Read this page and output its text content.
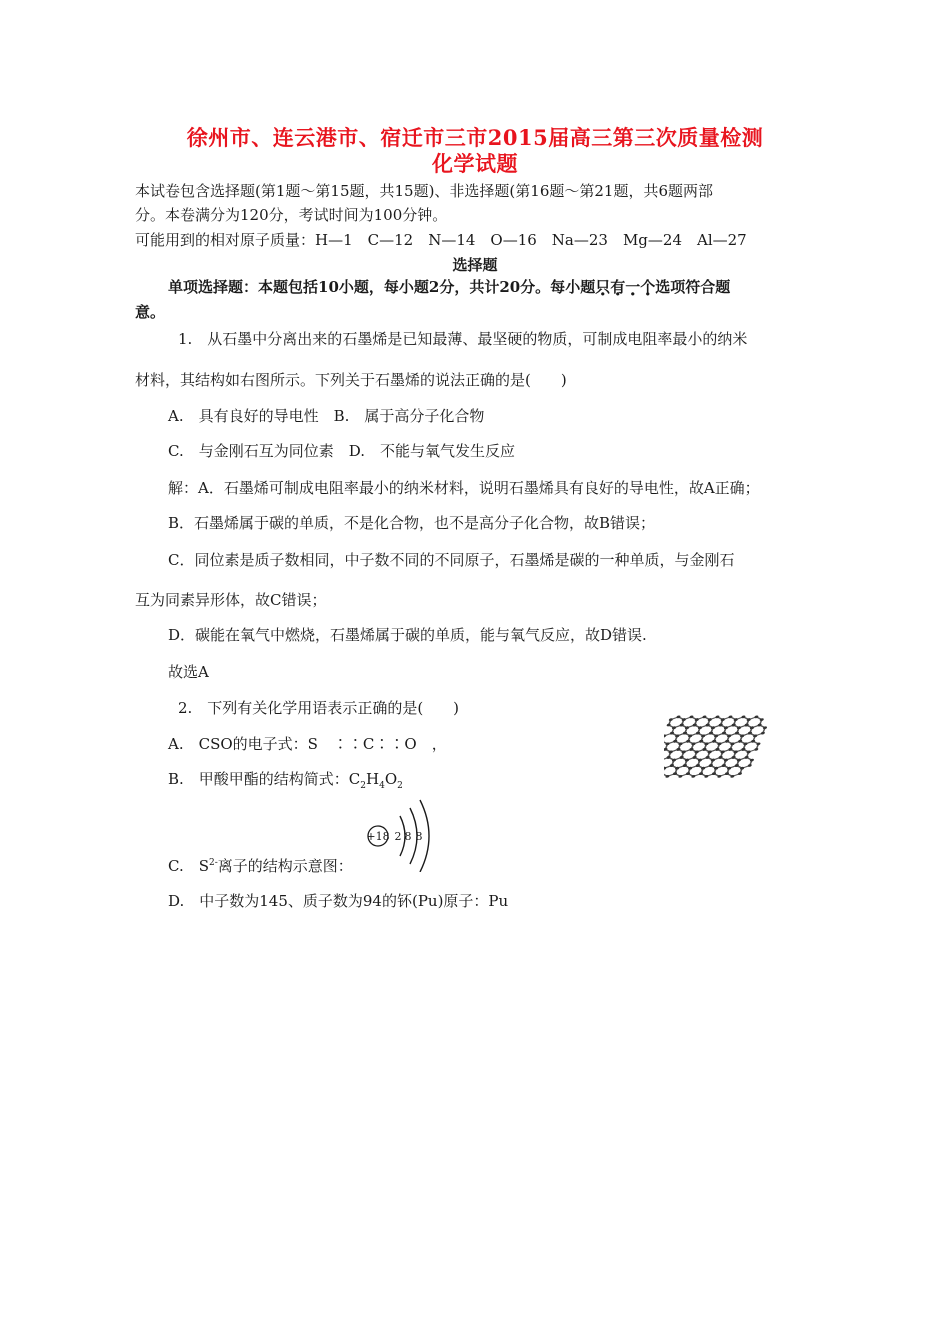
徐州市、连云港市、宿迁市三市2015届高三第三次质量检测
化学试题
本试卷包含选择题(第1题～第15题，共15题)、非选择题(第16题～第21题，共6题两部
分。本卷满分为120分，考试时间为100分钟。
可能用到的相对原子质量：H—1　C—12　N—14　O—16　Na—23　Mg—24　Al—27
选择题
单项选择题：本题包括10小题，每小题2分，共计20分。每小题只有一个选项符合题
意。
1.　从石墨中分离出来的石墨烯是已知最薄、最坚硬的物质，可制成电阻率最小的纳米
材料，其结构如右图所示。下列关于石墨烯的说法正确的是(　　)
A.　具有良好的导电性　B.　属于高分子化合物
C.　与金刚石互为同位素　D.　不能与氧气发生反应
解：A．石墨烯可制成电阻率最小的纳米材料，说明石墨烯具有良好的导电性，故A正确；
B．石墨烯属于碳的单质，不是化合物，也不是高分子化合物，故B错误；
C．同位素是质子数相同，中子数不同的不同原子，石墨烯是碳的一种单质，与金刚石
互为同素异形体，故C错误；
D．碳能在氧气中燃烧，石墨烯属于碳的单质，能与氧气反应，故D错误.
故选A
2.　下列有关化学用语表示正确的是(　　)
A.　CSO的电子式：S　∶∶C∶∶O　，
B.　甲酸甲酯的结构简式：$C_2H_4O_2$
+18 2 8 8
C.　$S^{2-}$离子的结构示意图：
D.　中子数为145、质子数为94的钚(Pu)原子：Pu
